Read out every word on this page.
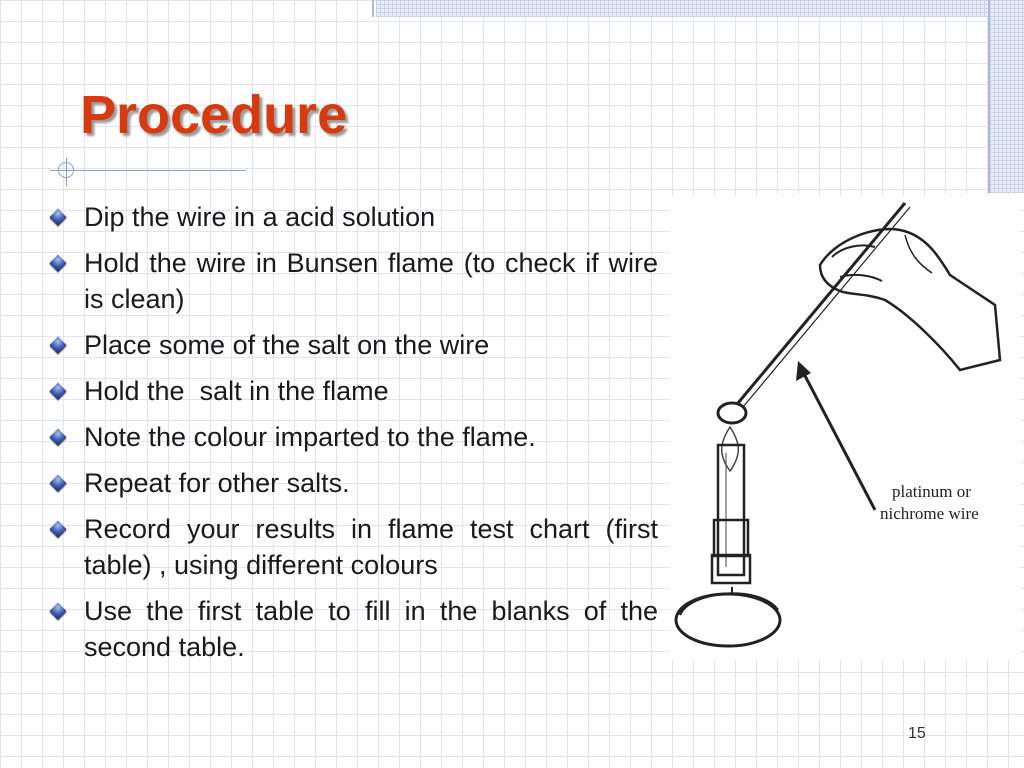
Procedure
Dip the wire in a acid solution
Hold the wire in Bunsen flame (to check if wire is clean)
Place some of the salt on the wire
Hold the  salt in the flame
Note the colour imparted to the flame.
Repeat for other salts.
Record your results in flame test chart (first table) , using different colours
Use the first table to fill in the blanks of the second table.
platinum or
nichrome wire
15
